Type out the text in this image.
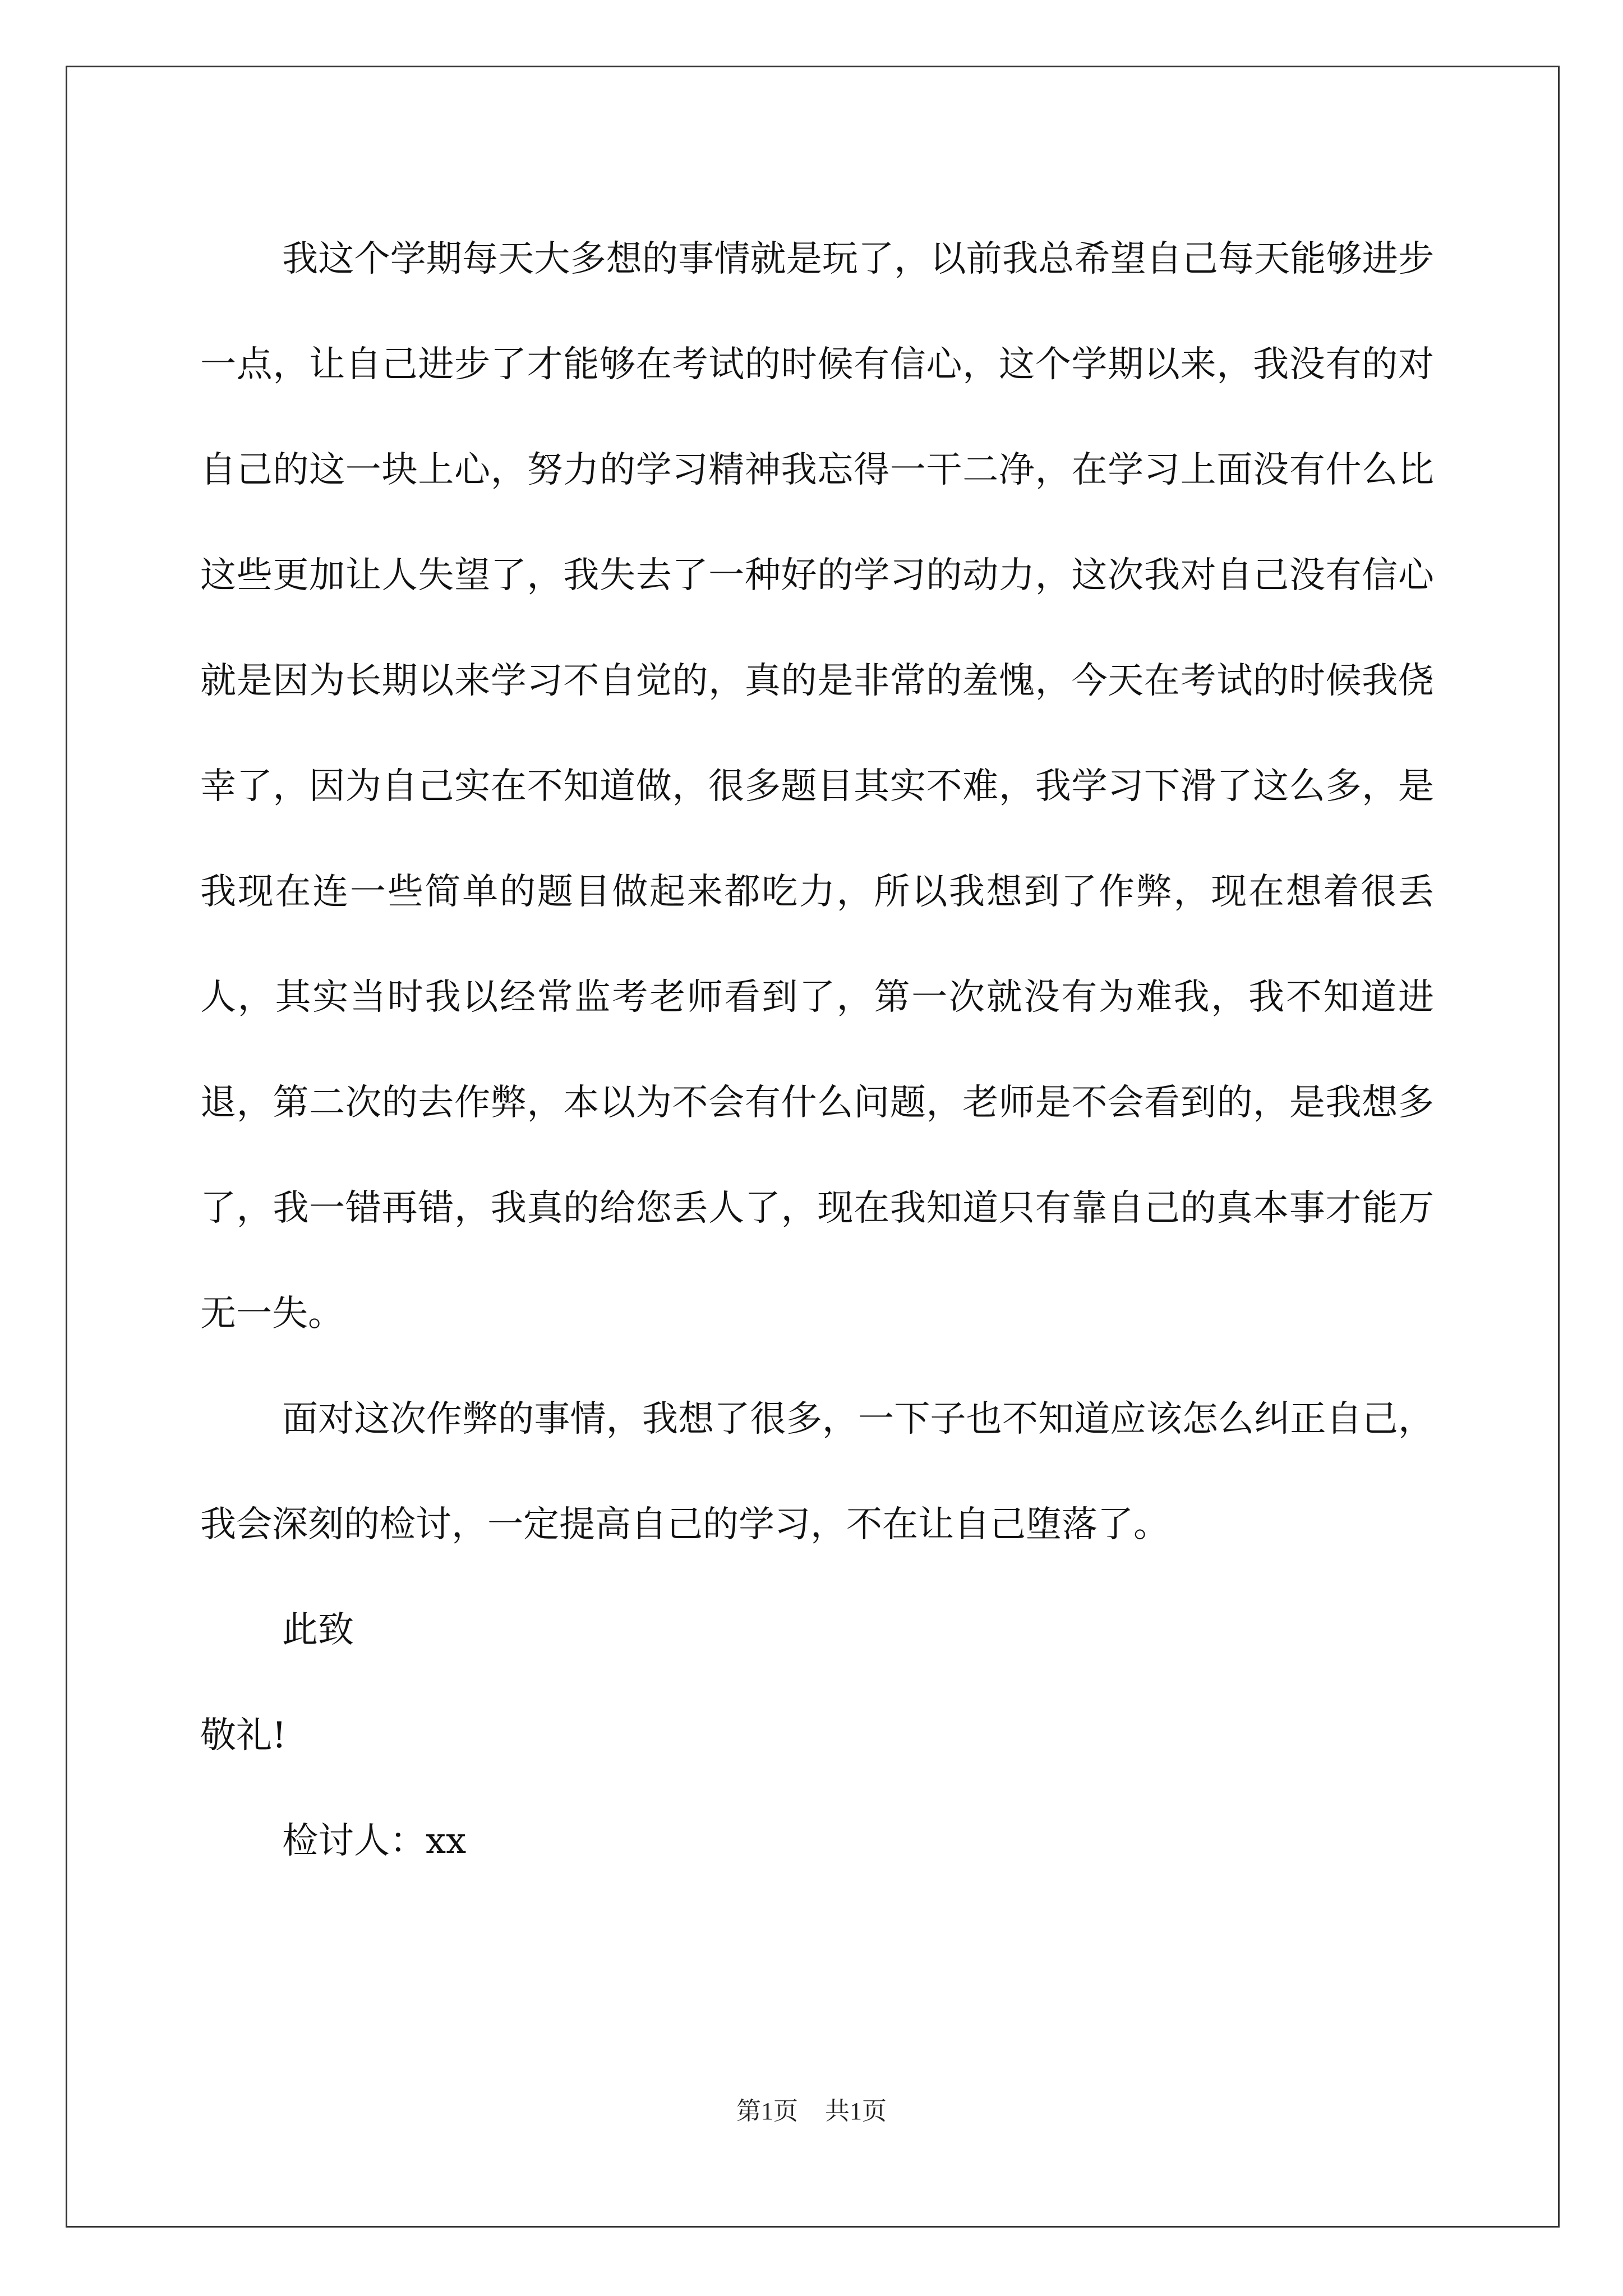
我这个学期每天大多想的事情就是玩了，以前我总希望自己每天能够进步一点，让自己进步了才能够在考试的时候有信心，这个学期以来，我没有的对自己的这一块上心，努力的学习精神我忘得一干二净，在学习上面没有什么比这些更加让人失望了，我失去了一种好的学习的动力，这次我对自己没有信心就是因为长期以来学习不自觉的，真的是非常的羞愧，今天在考试的时候我侥幸了，因为自己实在不知道做，很多题目其实不难，我学习下滑了这么多，是我现在连一些简单的题目做起来都吃力，所以我想到了作弊，现在想着很丢人，其实当时我以经常监考老师看到了，第一次就没有为难我，我不知道进退，第二次的去作弊，本以为不会有什么问题，老师是不会看到的，是我想多了，我一错再错，我真的给您丢人了，现在我知道只有靠自己的真本事才能万无一失。

面对这次作弊的事情，我想了很多，一下子也不知道应该怎么纠正自己，我会深刻的检讨，一定提高自己的学习，不在让自己堕落了。

此致

敬礼!

检讨人：xx

第1页 共1页
